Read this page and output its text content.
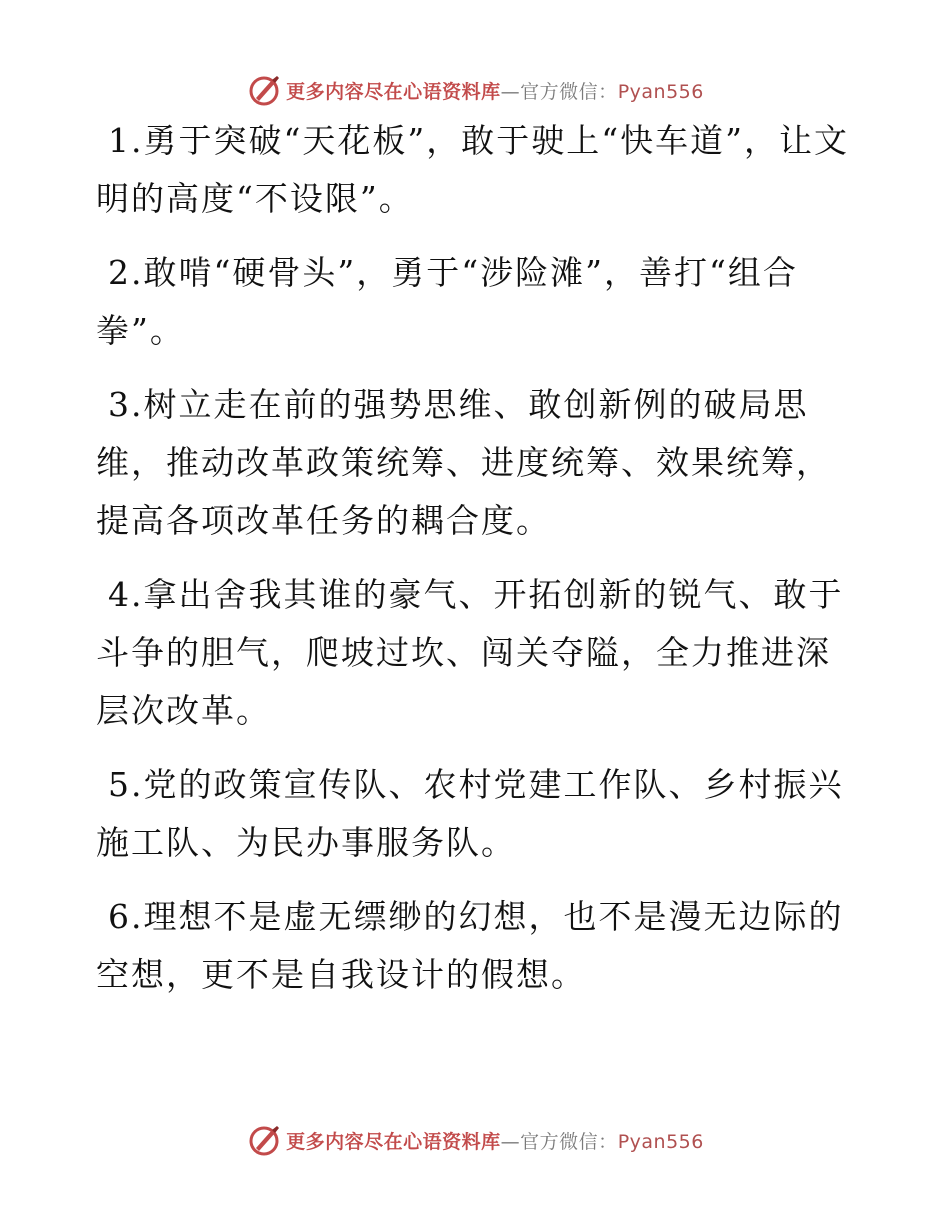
更多内容尽在心语资料库—官方微信：Pyan556

1.勇于突破“天花板”，敢于驶上“快车道”，让文明的高度“不设限”。

2.敢啃“硬骨头”，勇于“涉险滩”，善打“组合拳”。

3.树立走在前的强势思维、敢创新例的破局思维，推动改革政策统筹、进度统筹、效果统筹，提高各项改革任务的耦合度。

4.拿出舍我其谁的豪气、开拓创新的锐气、敢于斗争的胆气，爬坡过坎、闯关夺隘，全力推进深层次改革。

5.党的政策宣传队、农村党建工作队、乡村振兴施工队、为民办事服务队。

6.理想不是虚无缥缈的幻想，也不是漫无边际的空想，更不是自我设计的假想。

更多内容尽在心语资料库—官方微信：Pyan556
